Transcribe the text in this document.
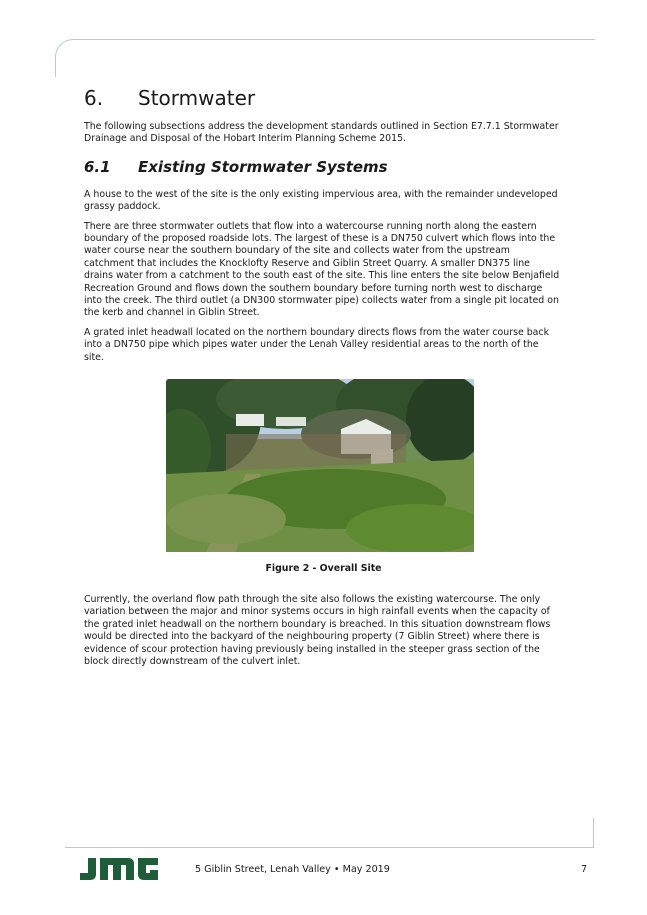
6.	Stormwater

The following subsections address the development standards outlined in Section E7.7.1 Stormwater Drainage and Disposal of the Hobart Interim Planning Scheme 2015.

6.1	Existing Stormwater Systems

A house to the west of the site is the only existing impervious area, with the remainder undeveloped grassy paddock.

There are three stormwater outlets that flow into a watercourse running north along the eastern boundary of the proposed roadside lots. The largest of these is a DN750 culvert which flows into the water course near the southern boundary of the site and collects water from the upstream catchment that includes the Knocklofty Reserve and Giblin Street Quarry. A smaller DN375 line drains water from a catchment to the south east of the site. This line enters the site below Benjafield Recreation Ground and flows down the southern boundary before turning north west to discharge into the creek. The third outlet (a DN300 stormwater pipe) collects water from a single pit located on the kerb and channel in Giblin Street.

A grated inlet headwall located on the northern boundary directs flows from the water course back into a DN750 pipe which pipes water under the Lenah Valley residential areas to the north of the site.

Figure 2 - Overall Site

Currently, the overland flow path through the site also follows the existing watercourse. The only variation between the major and minor systems occurs in high rainfall events when the capacity of the grated inlet headwall on the northern boundary is breached. In this situation downstream flows would be directed into the backyard of the neighbouring property (7 Giblin Street) where there is evidence of scour protection having previously being installed in the steeper grass section of the block directly downstream of the culvert inlet.

5 Giblin Street, Lenah Valley • May 2019	7
